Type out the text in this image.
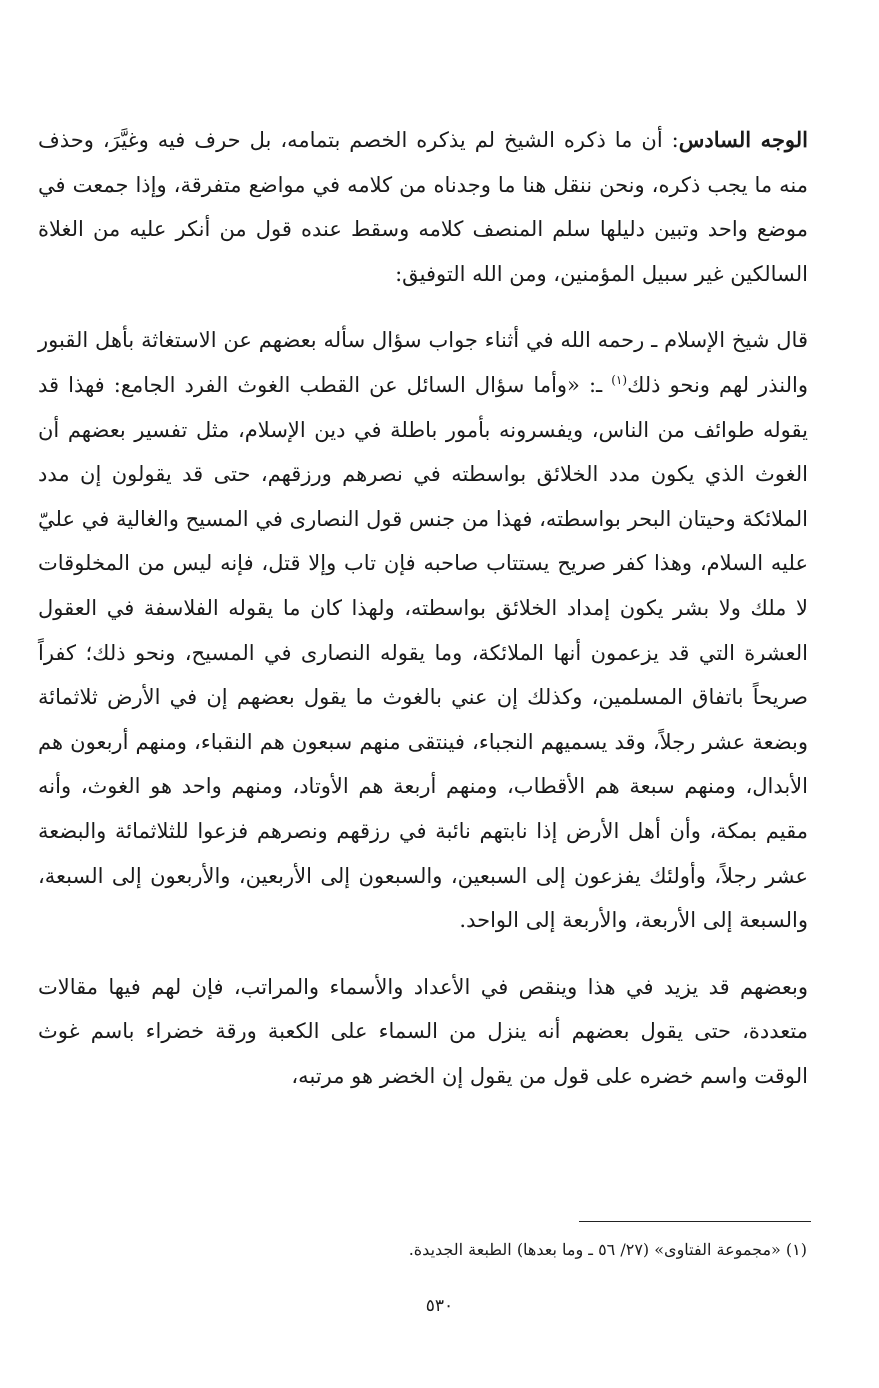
الوجه السادس: أن ما ذكره الشيخ لم يذكره الخصم بتمامه، بل حرف فيه وغيَّرَ، وحذف منه ما يجب ذكره، ونحن ننقل هنا ما وجدناه من كلامه في مواضع متفرقة، وإذا جمعت في موضع واحد وتبين دليلها سلم المنصف كلامه وسقط عنده قول من أنكر عليه من الغلاة السالكين غير سبيل المؤمنين، ومن الله التوفيق:

قال شيخ الإسلام ـ رحمه الله في أثناء جواب سؤال سأله بعضهم عن الاستغاثة بأهل القبور والنذر لهم ونحو ذلك$^{(١)}$ ـ: «وأما سؤال السائل عن القطب الغوث الفرد الجامع: فهذا قد يقوله طوائف من الناس، ويفسرونه بأمور باطلة في دين الإسلام، مثل تفسير بعضهم أن الغوث الذي يكون مدد الخلائق بواسطته في نصرهم ورزقهم، حتى قد يقولون إن مدد الملائكة وحيتان البحر بواسطته، فهذا من جنس قول النصارى في المسيح والغالية في عليّ عليه السلام، وهذا كفر صريح يستتاب صاحبه فإن تاب وإلا قتل، فإنه ليس من المخلوقات لا ملك ولا بشر يكون إمداد الخلائق بواسطته، ولهذا كان ما يقوله الفلاسفة في العقول العشرة التي قد يزعمون أنها الملائكة، وما يقوله النصارى في المسيح، ونحو ذلك؛ كفراً صريحاً باتفاق المسلمين، وكذلك إن عني بالغوث ما يقول بعضهم إن في الأرض ثلاثمائة وبضعة عشر رجلاً، وقد يسميهم النجباء، فينتقى منهم سبعون هم النقباء، ومنهم أربعون هم الأبدال، ومنهم سبعة هم الأقطاب، ومنهم أربعة هم الأوتاد، ومنهم واحد هو الغوث، وأنه مقيم بمكة، وأن أهل الأرض إذا نابتهم نائبة في رزقهم ونصرهم فزعوا للثلاثمائة والبضعة عشر رجلاً، وأولئك يفزعون إلى السبعين، والسبعون إلى الأربعين، والأربعون إلى السبعة، والسبعة إلى الأربعة، والأربعة إلى الواحد.

وبعضهم قد يزيد في هذا وينقص في الأعداد والأسماء والمراتب، فإن لهم فيها مقالات متعددة، حتى يقول بعضهم أنه ينزل من السماء على الكعبة ورقة خضراء باسم غوث الوقت واسم خضره على قول من يقول إن الخضر هو مرتبه،

(١) «مجموعة الفتاوى» (٢٧/ ٥٦ ـ وما بعدها) الطبعة الجديدة.
٥٣٠
